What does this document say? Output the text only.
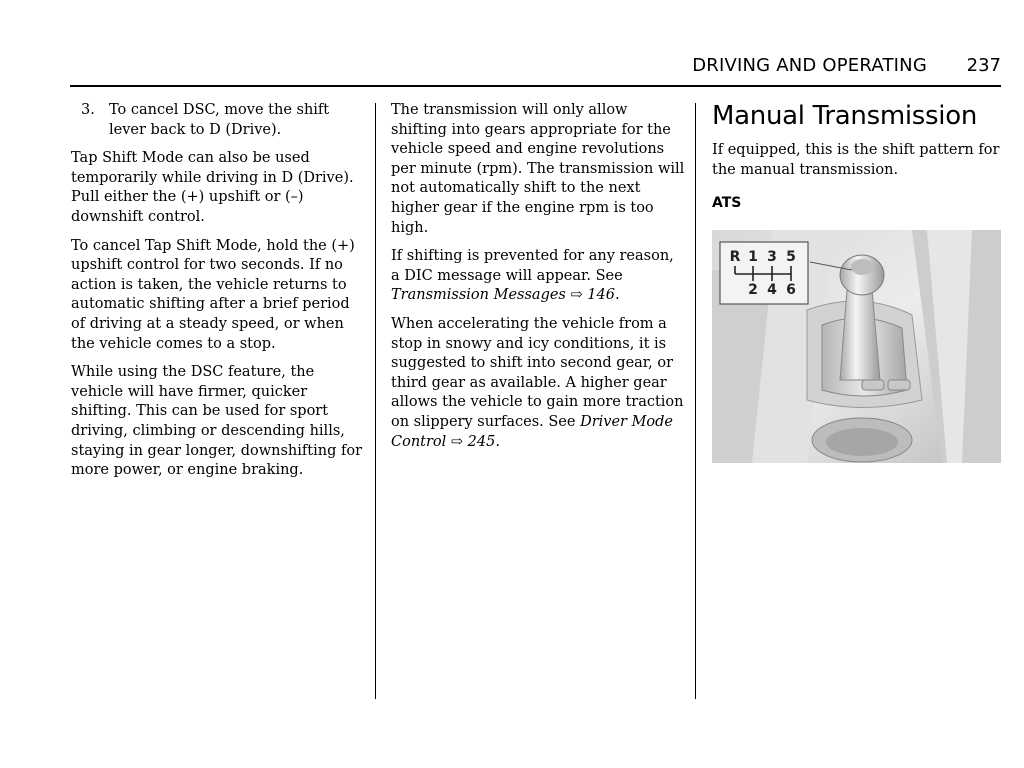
DRIVING AND OPERATING 237
3. To cancel DSC, move the shift lever back to D (Drive).

Tap Shift Mode can also be used temporarily while driving in D (Drive). Pull either the (+) upshift or (–) downshift control.

To cancel Tap Shift Mode, hold the (+) upshift control for two seconds. If no action is taken, the vehicle returns to automatic shifting after a brief period of driving at a steady speed, or when the vehicle comes to a stop.

While using the DSC feature, the vehicle will have firmer, quicker shifting. This can be used for sport driving, climbing or descending hills, staying in gear longer, downshifting for more power, or engine braking.

The transmission will only allow shifting into gears appropriate for the vehicle speed and engine revolutions per minute (rpm). The transmission will not automatically shift to the next higher gear if the engine rpm is too high.

If shifting is prevented for any reason, a DIC message will appear. See Transmission Messages ⇨ 146.

When accelerating the vehicle from a stop in snowy and icy conditions, it is suggested to shift into second gear, or third gear as available. A higher gear allows the vehicle to gain more traction on slippery surfaces. See Driver Mode Control ⇨ 245.

Manual Transmission

If equipped, this is the shift pattern for the manual transmission.

ATS
R 1 3 5
2 4 6
